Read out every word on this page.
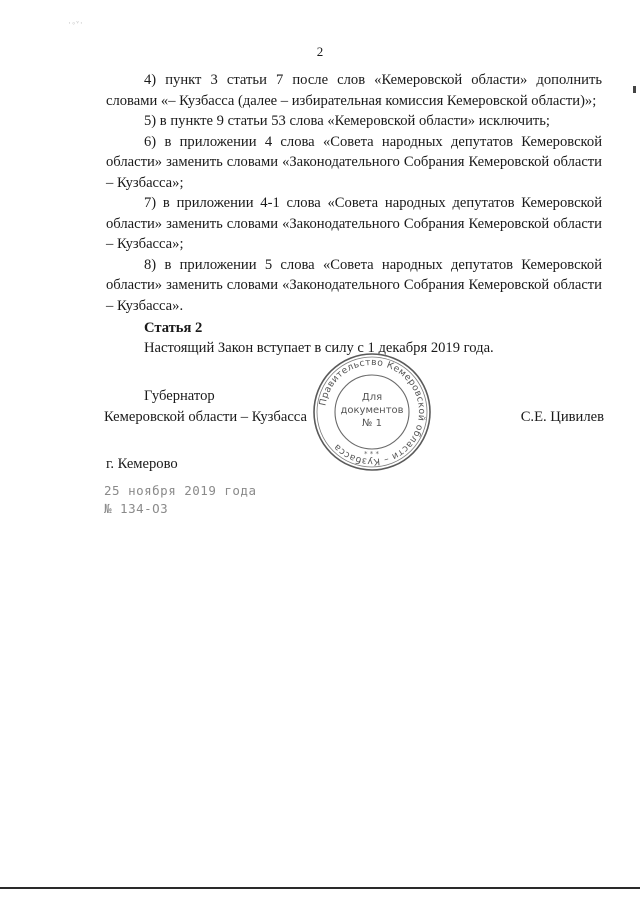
·◦ᵛ·
2

4) пункт 3 статьи 7 после слов «Кемеровской области» дополнить словами «– Кузбасса (далее – избирательная комиссия Кемеровской области)»;

5) в пункте 9 статьи 53 слова «Кемеровской области» исключить;

6) в приложении 4 слова «Совета народных депутатов Кемеровской области» заменить словами «Законодательного Собрания Кемеровской области – Кузбасса»;

7) в приложении 4-1 слова «Совета народных депутатов Кемеровской области» заменить словами «Законодательного Собрания Кемеровской области – Кузбасса»;

8) в приложении 5 слова «Совета народных депутатов Кемеровской области» заменить словами «Законодательного Собрания Кемеровской области – Кузбасса».

Статья 2
Настоящий Закон вступает в силу с 1 декабря 2019 года.
Губернатор
Кемеровской области – Кузбасса	С.Е. Цивилев
Правительство Кемеровской области – Кузбасса
Для
документов
№ 1
* * *
г. Кемерово
25 ноября 2019 года
№ 134-ОЗ
